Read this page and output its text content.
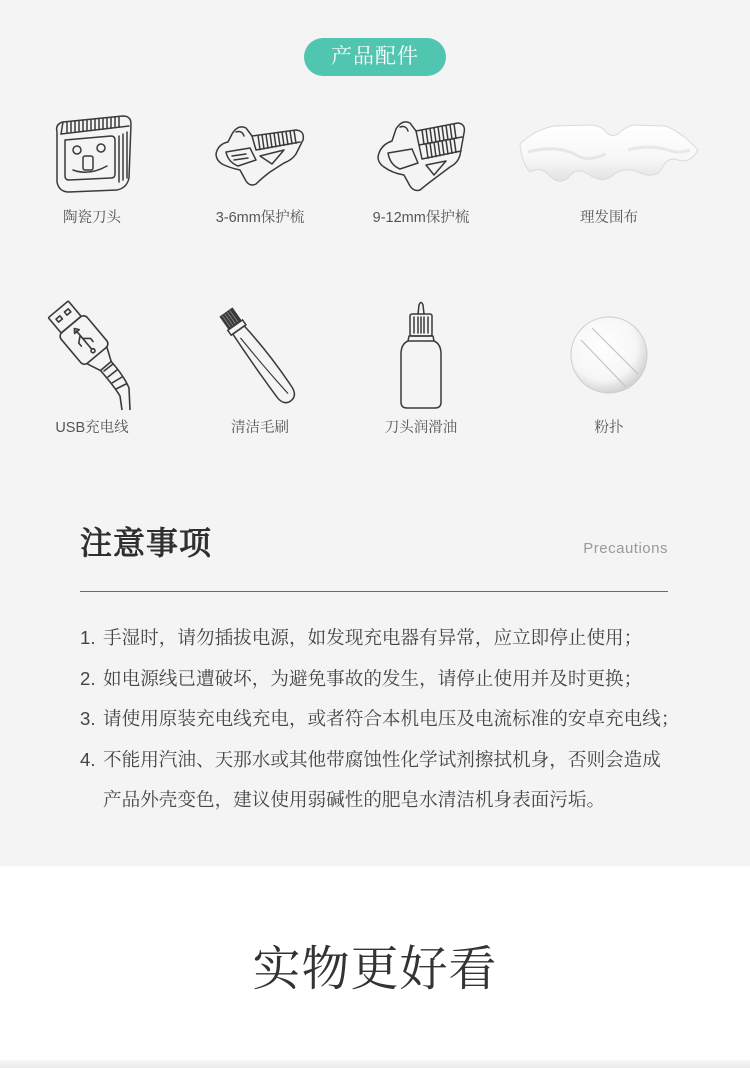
产品配件
陶瓷刀头	3-6mm保护梳	9-12mm保护梳	理发围布
USB充电线	清洁毛刷	刀头润滑油	粉扑
注意事项	Precautions
1. 手湿时，请勿插拔电源，如发现充电器有异常，应立即停止使用；
2. 如电源线已遭破坏，为避免事故的发生，请停止使用并及时更换；
3. 请使用原装充电线充电，或者符合本机电压及电流标准的安卓充电线；
4. 不能用汽油、天那水或其他带腐蚀性化学试剂擦拭机身，否则会造成
产品外壳变色，建议使用弱碱性的肥皂水清洁机身表面污垢。
实物更好看
